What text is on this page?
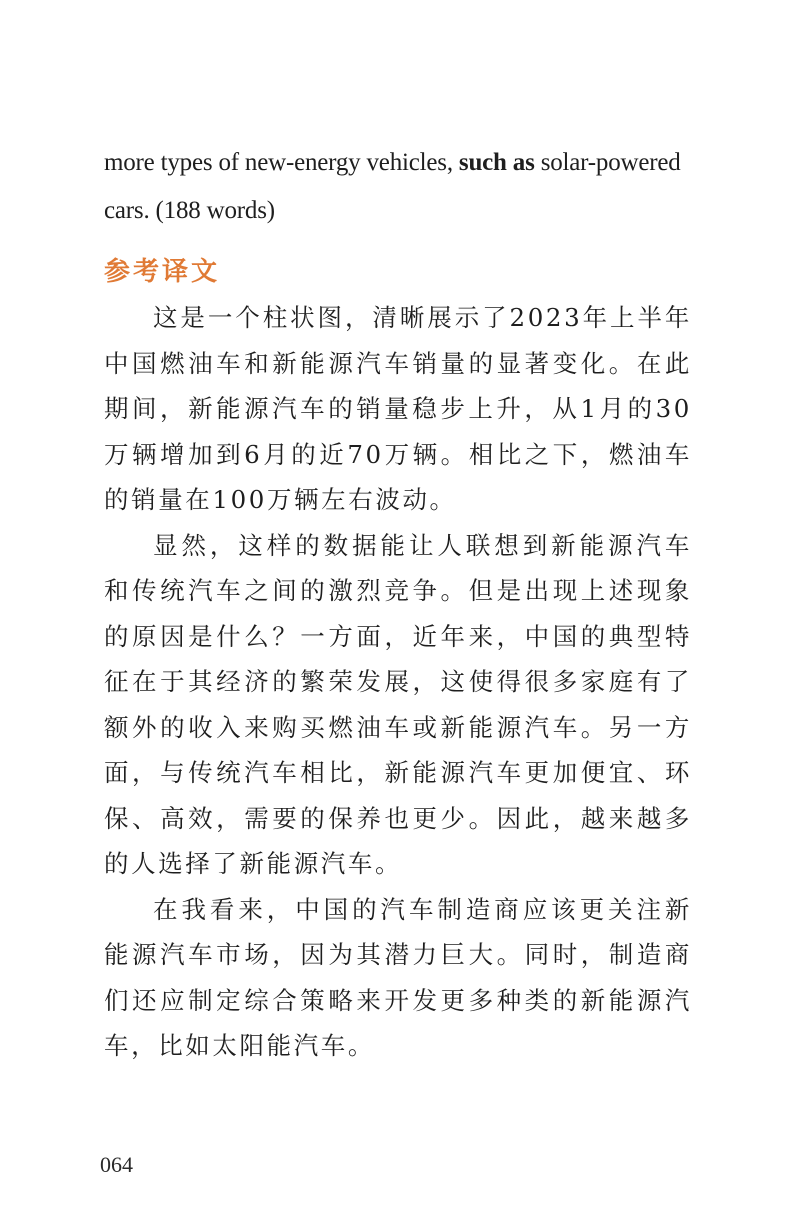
more types of new-energy vehicles, such as solar-powered cars. (188 words)
参考译文

这是一个柱状图，清晰展示了2023年上半年中国燃油车和新能源汽车销量的显著变化。在此期间，新能源汽车的销量稳步上升，从1月的30万辆增加到6月的近70万辆。相比之下，燃油车的销量在100万辆左右波动。

显然，这样的数据能让人联想到新能源汽车和传统汽车之间的激烈竞争。但是出现上述现象的原因是什么？一方面，近年来，中国的典型特征在于其经济的繁荣发展，这使得很多家庭有了额外的收入来购买燃油车或新能源汽车。另一方面，与传统汽车相比，新能源汽车更加便宜、环保、高效，需要的保养也更少。因此，越来越多的人选择了新能源汽车。

在我看来，中国的汽车制造商应该更关注新能源汽车市场，因为其潜力巨大。同时，制造商们还应制定综合策略来开发更多种类的新能源汽车，比如太阳能汽车。

064
